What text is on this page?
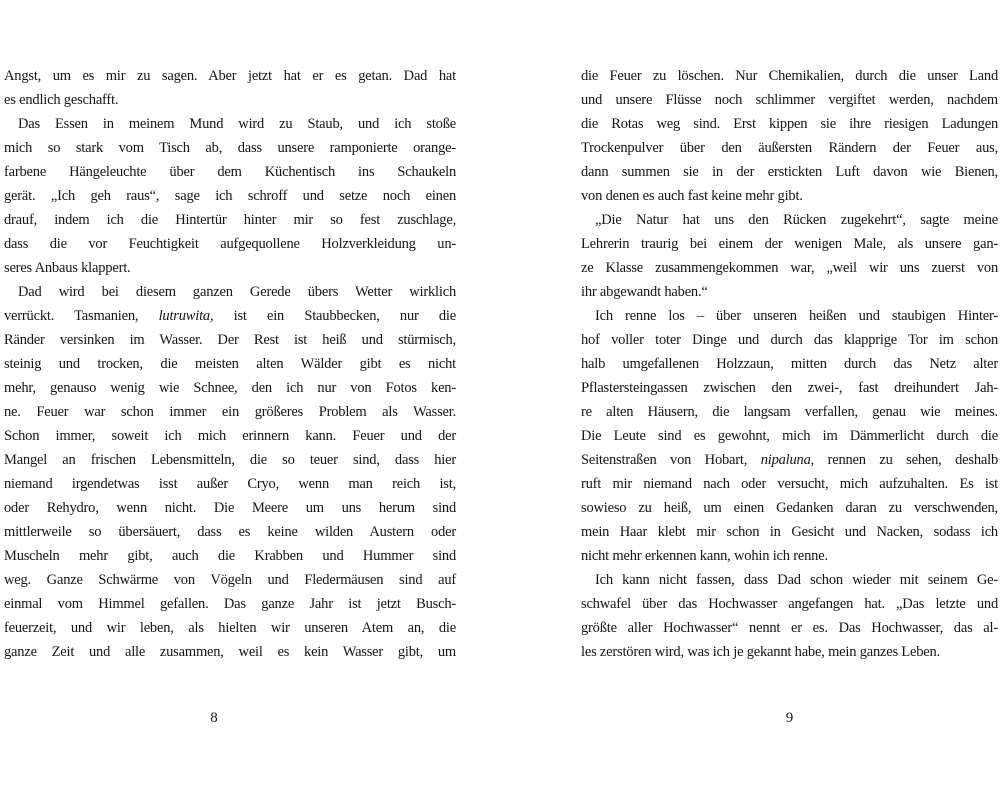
Angst, um es mir zu sagen. Aber jetzt hat er es getan. Dad hat
es endlich geschafft.
Das Essen in meinem Mund wird zu Staub, und ich stoße
mich so stark vom Tisch ab, dass unsere ramponierte orange-
farbene Hängeleuchte über dem Küchentisch ins Schaukeln
gerät. „Ich geh raus“, sage ich schroff und setze noch einen
drauf, indem ich die Hintertür hinter mir so fest zuschlage,
dass die vor Feuchtigkeit aufgequollene Holzverkleidung un-
seres Anbaus klappert.
Dad wird bei diesem ganzen Gerede übers Wetter wirklich
verrückt. Tasmanien, lutruwita, ist ein Staubbecken, nur die
Ränder versinken im Wasser. Der Rest ist heiß und stürmisch,
steinig und trocken, die meisten alten Wälder gibt es nicht
mehr, genauso wenig wie Schnee, den ich nur von Fotos ken-
ne. Feuer war schon immer ein größeres Problem als Wasser.
Schon immer, soweit ich mich erinnern kann. Feuer und der
Mangel an frischen Lebensmitteln, die so teuer sind, dass hier
niemand irgendetwas isst außer Cryo, wenn man reich ist,
oder Rehydro, wenn nicht. Die Meere um uns herum sind
mittlerweile so übersäuert, dass es keine wilden Austern oder
Muscheln mehr gibt, auch die Krabben und Hummer sind
weg. Ganze Schwärme von Vögeln und Fledermäusen sind auf
einmal vom Himmel gefallen. Das ganze Jahr ist jetzt Busch-
feuerzeit, und wir leben, als hielten wir unseren Atem an, die
ganze Zeit und alle zusammen, weil es kein Wasser gibt, um
8
die Feuer zu löschen. Nur Chemikalien, durch die unser Land
und unsere Flüsse noch schlimmer vergiftet werden, nachdem
die Rotas weg sind. Erst kippen sie ihre riesigen Ladungen
Trockenpulver über den äußersten Rändern der Feuer aus,
dann summen sie in der erstickten Luft davon wie Bienen,
von denen es auch fast keine mehr gibt.
„Die Natur hat uns den Rücken zugekehrt“, sagte meine
Lehrerin traurig bei einem der wenigen Male, als unsere gan-
ze Klasse zusammengekommen war, „weil wir uns zuerst von
ihr abgewandt haben.“
Ich renne los – über unseren heißen und staubigen Hinter-
hof voller toter Dinge und durch das klapprige Tor im schon
halb umgefallenen Holzzaun, mitten durch das Netz alter
Pflastersteingassen zwischen den zwei-, fast dreihundert Jah-
re alten Häusern, die langsam verfallen, genau wie meines.
Die Leute sind es gewohnt, mich im Dämmerlicht durch die
Seitenstraßen von Hobart, nipaluna, rennen zu sehen, deshalb
ruft mir niemand nach oder versucht, mich aufzuhalten. Es ist
sowieso zu heiß, um einen Gedanken daran zu verschwenden,
mein Haar klebt mir schon in Gesicht und Nacken, sodass ich
nicht mehr erkennen kann, wohin ich renne.
Ich kann nicht fassen, dass Dad schon wieder mit seinem Ge-
schwafel über das Hochwasser angefangen hat. „Das letzte und
größte aller Hochwasser“ nennt er es. Das Hochwasser, das al-
les zerstören wird, was ich je gekannt habe, mein ganzes Leben.
9
